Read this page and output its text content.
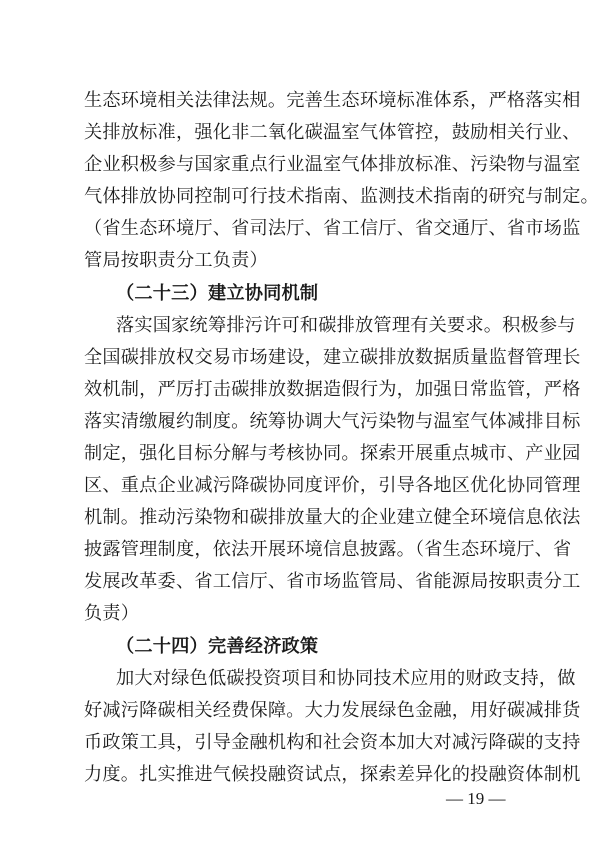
生态环境相关法律法规。完善生态环境标准体系，严格落实相
关排放标准，强化非二氧化碳温室气体管控，鼓励相关行业、
企业积极参与国家重点行业温室气体排放标准、污染物与温室
气体排放协同控制可行技术指南、监测技术指南的研究与制定。
（省生态环境厅、省司法厅、省工信厅、省交通厅、省市场监
管局按职责分工负责）
（二十三）建立协同机制
落实国家统筹排污许可和碳排放管理有关要求。积极参与
全国碳排放权交易市场建设，建立碳排放数据质量监督管理长
效机制，严厉打击碳排放数据造假行为，加强日常监管，严格
落实清缴履约制度。统筹协调大气污染物与温室气体减排目标
制定，强化目标分解与考核协同。探索开展重点城市、产业园
区、重点企业减污降碳协同度评价，引导各地区优化协同管理
机制。推动污染物和碳排放量大的企业建立健全环境信息依法
披露管理制度，依法开展环境信息披露。（省生态环境厅、省
发展改革委、省工信厅、省市场监管局、省能源局按职责分工
负责）
（二十四）完善经济政策
加大对绿色低碳投资项目和协同技术应用的财政支持，做
好减污降碳相关经费保障。大力发展绿色金融，用好碳减排货
币政策工具，引导金融机构和社会资本加大对减污降碳的支持
力度。扎实推进气候投融资试点，探索差异化的投融资体制机
— 19 —
